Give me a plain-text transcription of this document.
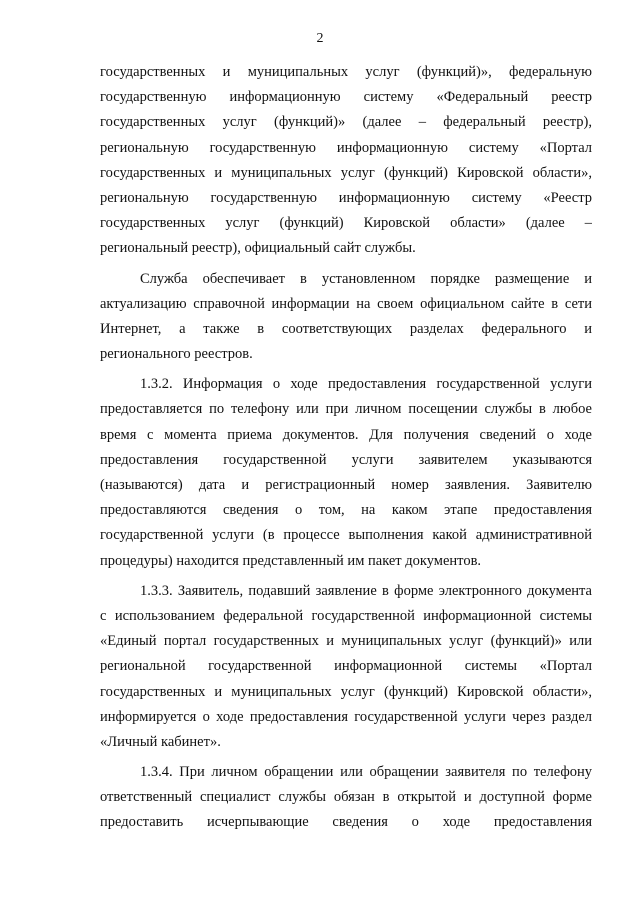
2
государственных и муниципальных услуг (функций)», федеральную
государственную информационную систему «Федеральный реестр
государственных услуг (функций)» (далее – федеральный реестр),
региональную государственную информационную систему «Портал
государственных и муниципальных услуг (функций) Кировской области»,
региональную государственную информационную систему «Реестр
государственных услуг (функций) Кировской области» (далее –
региональный реестр), официальный сайт службы.
Служба обеспечивает в установленном порядке размещение и
актуализацию справочной информации на своем официальном сайте в сети
Интернет, а также в соответствующих разделах федерального и
регионального реестров.
1.3.2. Информация о ходе предоставления государственной услуги
предоставляется по телефону или при личном посещении службы в любое
время с момента приема документов. Для получения сведений о ходе
предоставления государственной услуги заявителем указываются
(называются) дата и регистрационный номер заявления. Заявителю
предоставляются сведения о том, на каком этапе предоставления
государственной услуги (в процессе выполнения какой административной
процедуры) находится представленный им пакет документов.
1.3.3. Заявитель, подавший заявление в форме электронного документа
с использованием федеральной государственной информационной системы
«Единый портал государственных и муниципальных услуг (функций)» или
региональной государственной информационной системы «Портал
государственных и муниципальных услуг (функций) Кировской области»,
информируется о ходе предоставления государственной услуги через раздел
«Личный кабинет».
1.3.4. При личном обращении или обращении заявителя по телефону
ответственный специалист службы обязан в открытой и доступной форме
предоставить исчерпывающие сведения о ходе предоставления
